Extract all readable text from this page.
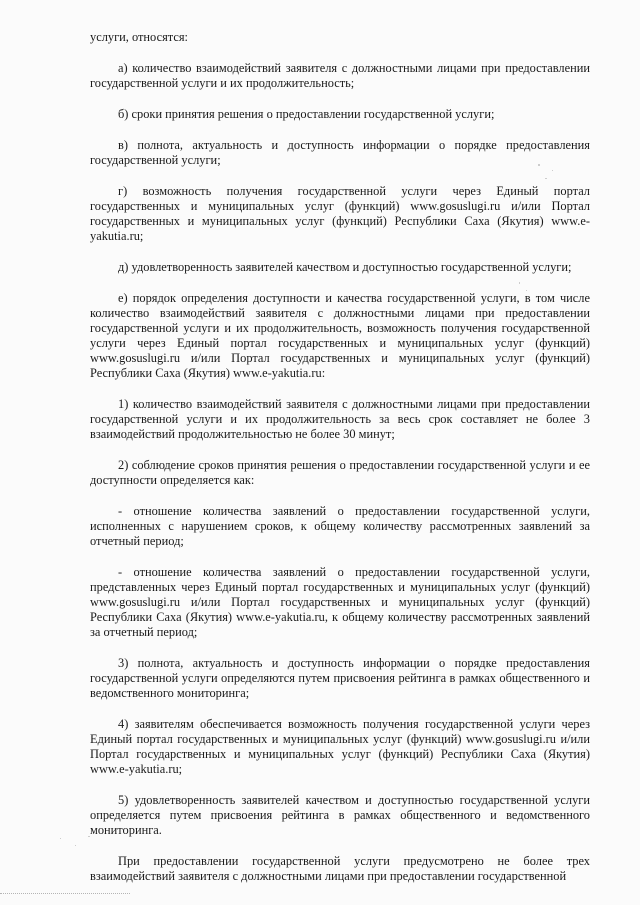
услуги, относятся:

а) количество взаимодействий заявителя с должностными лицами при предоставлении государственной услуги и их продолжительность;

б) сроки принятия решения о предоставлении государственной услуги;

в) полнота, актуальность и доступность информации о порядке предоставления государственной услуги;

г) возможность получения государственной услуги через Единый портал государственных и муниципальных услуг (функций) www.gosuslugi.ru и/или Портал государственных и муниципальных услуг (функций) Республики Саха (Якутия) www.e-yakutia.ru;

д) удовлетворенность заявителей качеством и доступностью государственной услуги;

е) порядок определения доступности и качества государственной услуги, в том числе количество взаимодействий заявителя с должностными лицами при предоставлении государственной услуги и их продолжительность, возможность получения государственной услуги через Единый портал государственных и муниципальных услуг (функций) www.gosuslugi.ru и/или Портал государственных и муниципальных услуг (функций) Республики Саха (Якутия) www.e-yakutia.ru:

1) количество взаимодействий заявителя с должностными лицами при предоставлении государственной услуги и их продолжительность за весь срок составляет не более 3 взаимодействий продолжительностью не более 30 минут;

2) соблюдение сроков принятия решения о предоставлении государственной услуги и ее доступности определяется как:

- отношение количества заявлений о предоставлении государственной услуги, исполненных с нарушением сроков, к общему количеству рассмотренных заявлений за отчетный период;

- отношение количества заявлений о предоставлении государственной услуги, представленных через Единый портал государственных и муниципальных услуг (функций) www.gosuslugi.ru и/или Портал государственных и муниципальных услуг (функций) Республики Саха (Якутия) www.e-yakutia.ru, к общему количеству рассмотренных заявлений за отчетный период;

3) полнота, актуальность и доступность информации о порядке предоставления государственной услуги определяются путем присвоения рейтинга в рамках общественного и ведомственного мониторинга;

4) заявителям обеспечивается возможность получения государственной услуги через Единый портал государственных и муниципальных услуг (функций) www.gosuslugi.ru и/или Портал государственных и муниципальных услуг (функций) Республики Саха (Якутия) www.e-yakutia.ru;

5) удовлетворенность заявителей качеством и доступностью государственной услуги определяется путем присвоения рейтинга в рамках общественного и ведомственного мониторинга.

При предоставлении государственной услуги предусмотрено не более трех взаимодействий заявителя с должностными лицами при предоставлении государственной
